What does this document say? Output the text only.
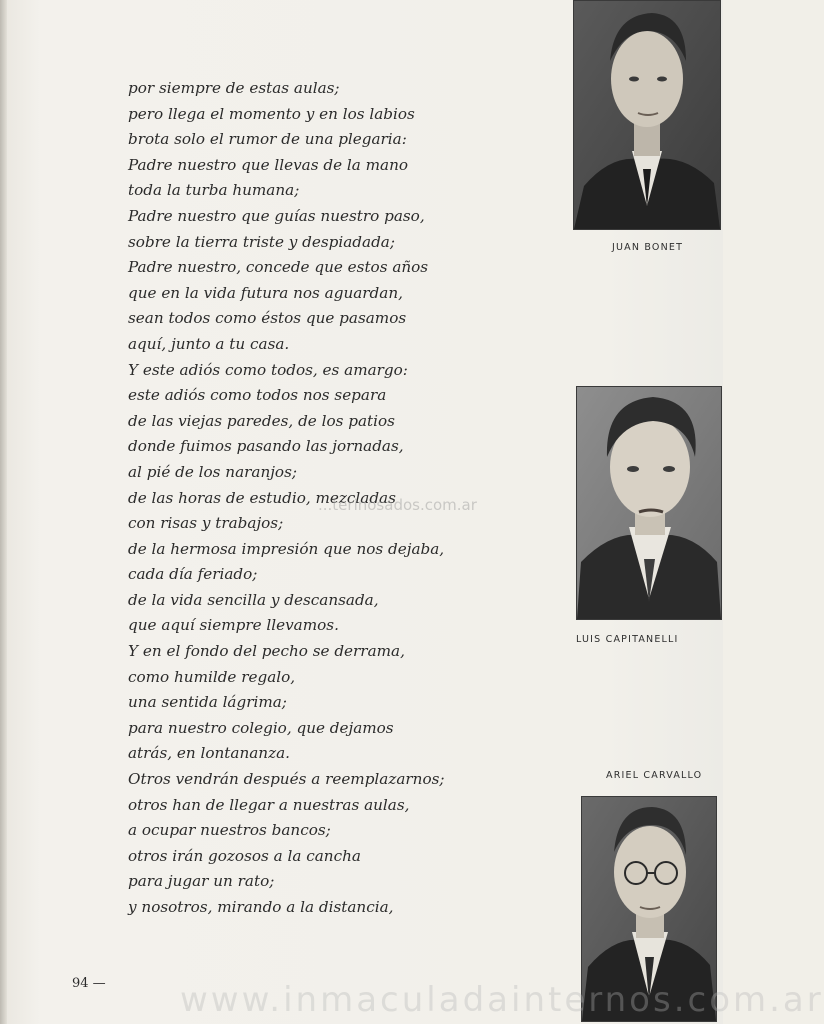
por siempre de estas aulas;
pero llega el momento y en los labios
brota solo el rumor de una plegaria:
Padre nuestro que llevas de la mano
toda la turba humana;
Padre nuestro que guías nuestro paso,
sobre la tierra triste y despiadada;
Padre nuestro, concede que estos años
que en la vida futura nos aguardan,
sean todos como éstos que pasamos
aquí, junto a tu casa.
Y este adiós como todos, es amargo:
este adiós como todos nos separa
de las viejas paredes, de los patios
donde fuimos pasando las jornadas,
al pié de los naranjos;
de las horas de estudio, mezcladas
con risas y trabajos;
de la hermosa impresión que nos dejaba,
cada día feriado;
de la vida sencilla y descansada,
que aquí siempre llevamos.
Y en el fondo del pecho se derrama,
como humilde regalo,
una sentida lágrima;
para nuestro colegio, que dejamos
atrás, en lontananza.
Otros vendrán después a reemplazarnos;
otros han de llegar a nuestras aulas,
a ocupar nuestros bancos;
otros irán gozosos a la cancha
para jugar un rato;
y nosotros, mirando a la distancia,
94 —
JUAN BONET
LUIS CAPITANELLI
ARIEL CARVALLO
...terinosados.com.ar
www.inmaculadainternos.com.ar
